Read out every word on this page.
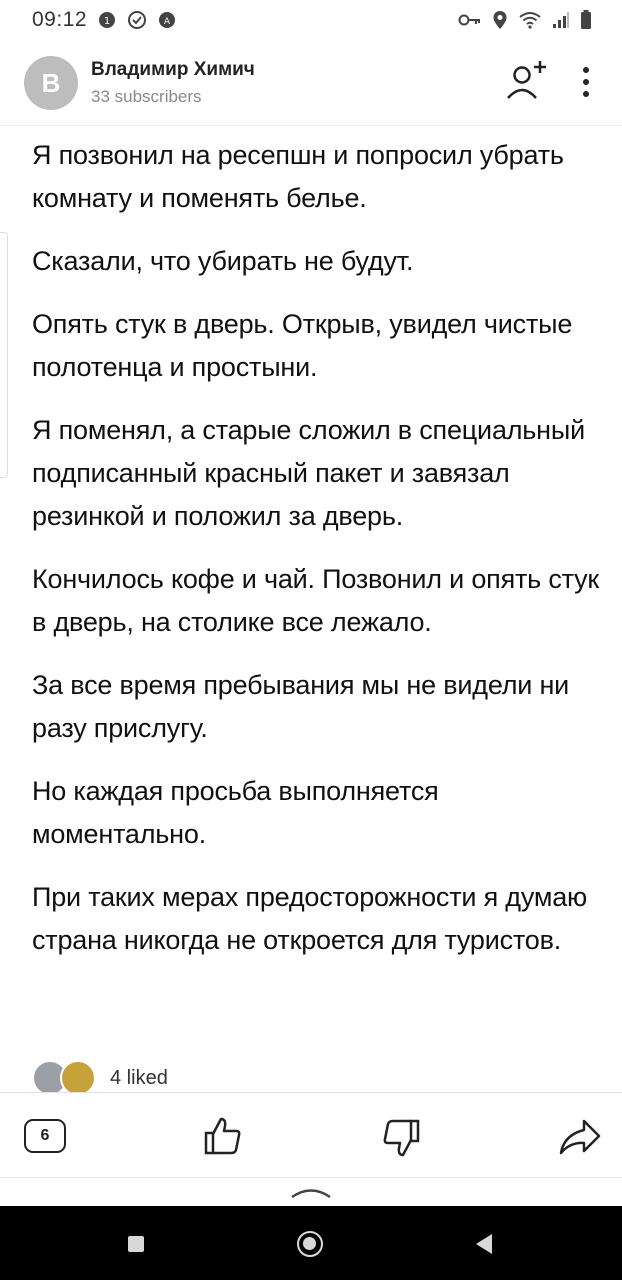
09:12 1	A
B	Владимир Химич
33 subscribers

Я позвонил на ресепшн и попросил убрать комнату и поменять белье.

Сказали, что убирать не будут.

Опять стук в дверь. Открыв, увидел чистые полотенца и простыни.

Я поменял, а старые сложил в специальный подписанный красный пакет и завязал резинкой и положил за дверь.

Кончилось кофе и чай. Позвонил и опять стук в дверь, на столике все лежало.

За все время пребывания мы не видели ни разу прислугу.

Но каждая просьба выполняется моментально.

При таких мерах предосторожности я думаю страна никогда не откроется для туристов.

4 liked
6
